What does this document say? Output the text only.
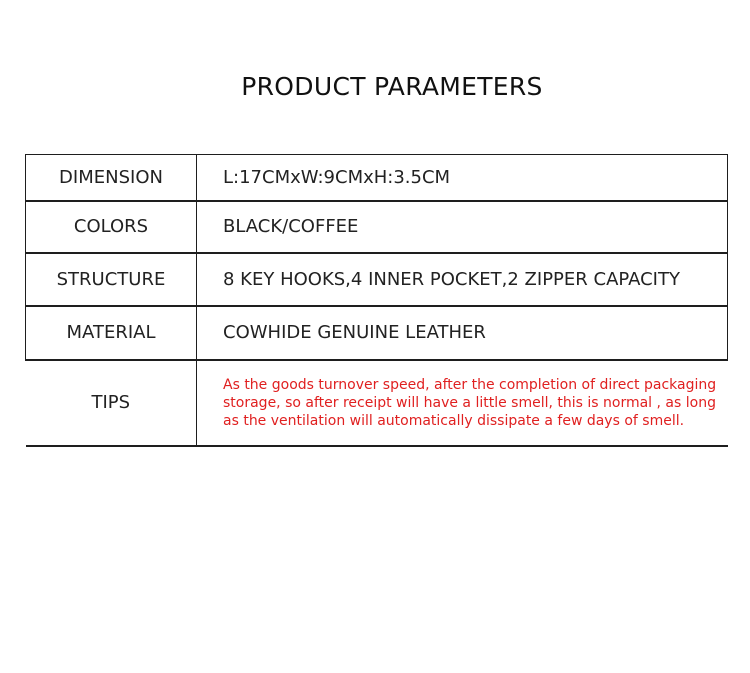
PRODUCT PARAMETERS
DIMENSION	L:17CMxW:9CMxH:3.5CM
COLORS	BLACK/COFFEE
STRUCTURE	8 KEY HOOKS,4 INNER POCKET,2 ZIPPER CAPACITY
MATERIAL	COWHIDE GENUINE LEATHER
TIPS	As the goods turnover speed, after the completion of direct packaging storage, so after receipt will have a little smell, this is normal , as long as the ventilation will automatically dissipate a few days of smell.
